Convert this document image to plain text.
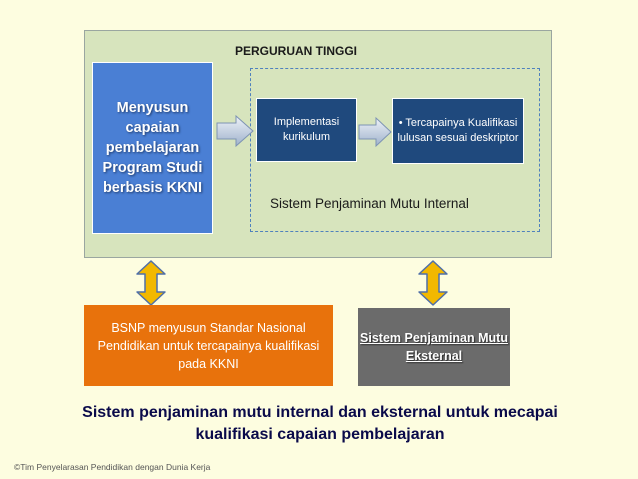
PERGURUAN TINGGI
Menyusun capaian pembelajaran Program Studi berbasis KKNI
Implementasi kurikulum
• Tercapainya Kualifikasi lulusan sesuai deskriptor
Sistem Penjaminan Mutu Internal
BSNP menyusun Standar Nasional Pendidikan untuk tercapainya kualifikasi pada KKNI
Sistem Penjaminan Mutu Eksternal
Sistem penjaminan mutu internal dan eksternal untuk mecapai kualifikasi capaian pembelajaran
©Tim Penyelarasan Pendidikan dengan Dunia Kerja
